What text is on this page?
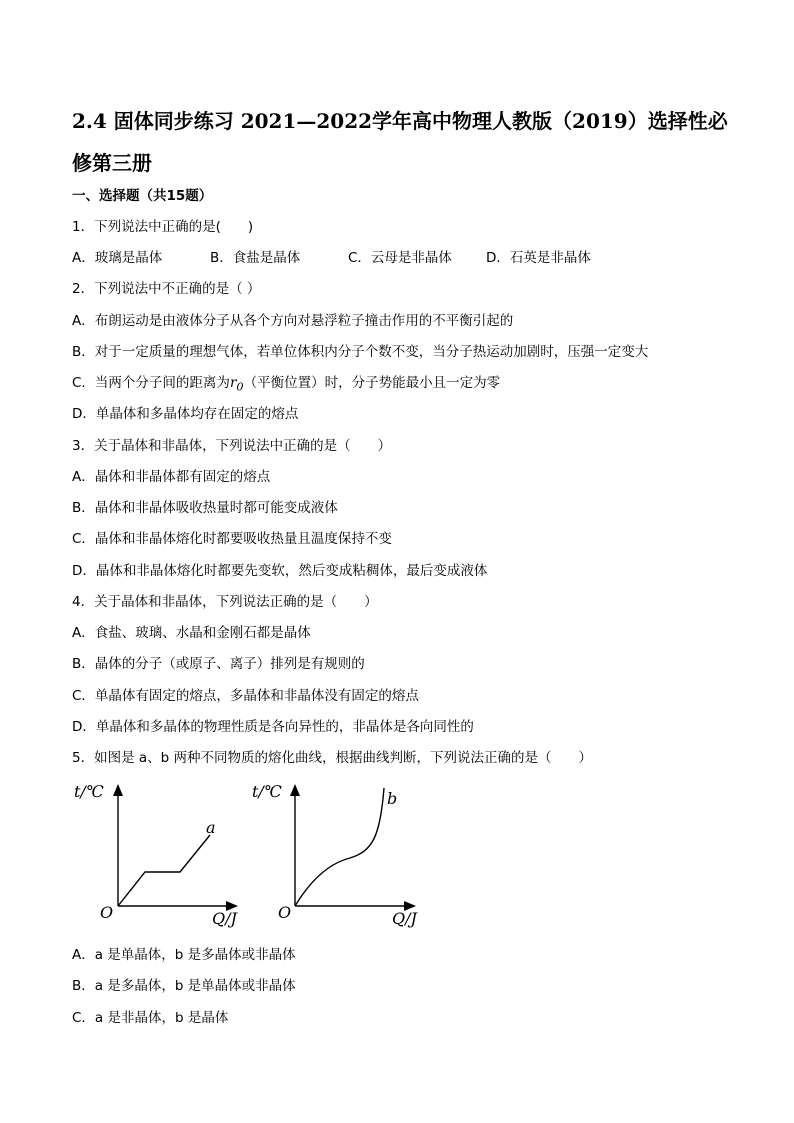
2.4 固体同步练习 2021—2022学年高中物理人教版（2019）选择性必修第三册
一、选择题（共15题）
1．下列说法中正确的是(　　)
A．玻璃是晶体	B．食盐是晶体	C．云母是非晶体	D．石英是非晶体
2．下列说法中不正确的是（ ）
A．布朗运动是由液体分子从各个方向对悬浮粒子撞击作用的不平衡引起的
B．对于一定质量的理想气体，若单位体积内分子个数不变，当分子热运动加剧时，压强一定变大
C．当两个分子间的距离为$r_0$（平衡位置）时，分子势能最小且一定为零
D．单晶体和多晶体均存在固定的熔点
3．关于晶体和非晶体，下列说法中正确的是（　　）
A．晶体和非晶体都有固定的熔点
B．晶体和非晶体吸收热量时都可能变成液体
C．晶体和非晶体熔化时都要吸收热量且温度保持不变
D．晶体和非晶体熔化时都要先变软，然后变成粘稠体，最后变成液体
4．关于晶体和非晶体，下列说法正确的是（　　）
A．食盐、玻璃、水晶和金刚石都是晶体
B．晶体的分子（或原子、离子）排列是有规则的
C．单晶体有固定的熔点，多晶体和非晶体没有固定的熔点
D．单晶体和多晶体的物理性质是各向异性的，非晶体是各向同性的
5．如图是 a、b 两种不同物质的熔化曲线，根据曲线判断，下列说法正确的是（　　）
t/℃
O	Q/J
a
t/℃
O	Q/J
b
A．a 是单晶体，b 是多晶体或非晶体
B．a 是多晶体，b 是单晶体或非晶体
C．a 是非晶体，b 是晶体
